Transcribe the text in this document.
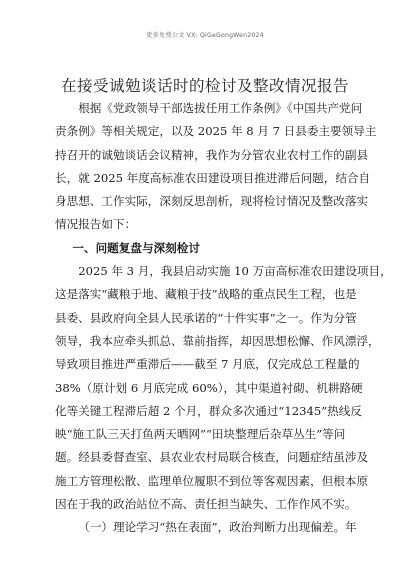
更多免费公文 VX: QiGeGongWen2024
在接受诚勉谈话时的检讨及整改情况报告

根据《党政领导干部选拔任用工作条例》《中国共产党问
责条例》等相关规定，以及 2025 年 8 月 7 日县委主要领导主
持召开的诚勉谈话会议精神，我作为分管农业农村工作的副县
长，就 2025 年度高标准农田建设项目推进滞后问题，结合自
身思想、工作实际，深刻反思剖析，现将检讨情况及整改落实
情况报告如下：

一、问题复盘与深刻检讨

2025 年 3 月，我县启动实施 10 万亩高标准农田建设项目，
这是落实“藏粮于地、藏粮于技”战略的重点民生工程，也是
县委、县政府向全县人民承诺的“十件实事”之一。作为分管
领导，我本应牵头抓总、靠前指挥，却因思想松懈、作风漂浮，
导致项目推进严重滞后——截至 7 月底，仅完成总工程量的
38%（原计划 6 月底完成 60%），其中渠道衬砌、机耕路硬
化等关键工程滞后超 2 个月，群众多次通过“12345”热线反
映“施工队三天打鱼两天晒网”“田块整理后杂草丛生”等问
题。经县委督查室、县农业农村局联合核查，问题症结虽涉及
施工方管理松散、监理单位履职不到位等客观因素，但根本原
因在于我的政治站位不高、责任担当缺失、工作作风不实。

（一）理论学习“热在表面”，政治判断力出现偏差。年
